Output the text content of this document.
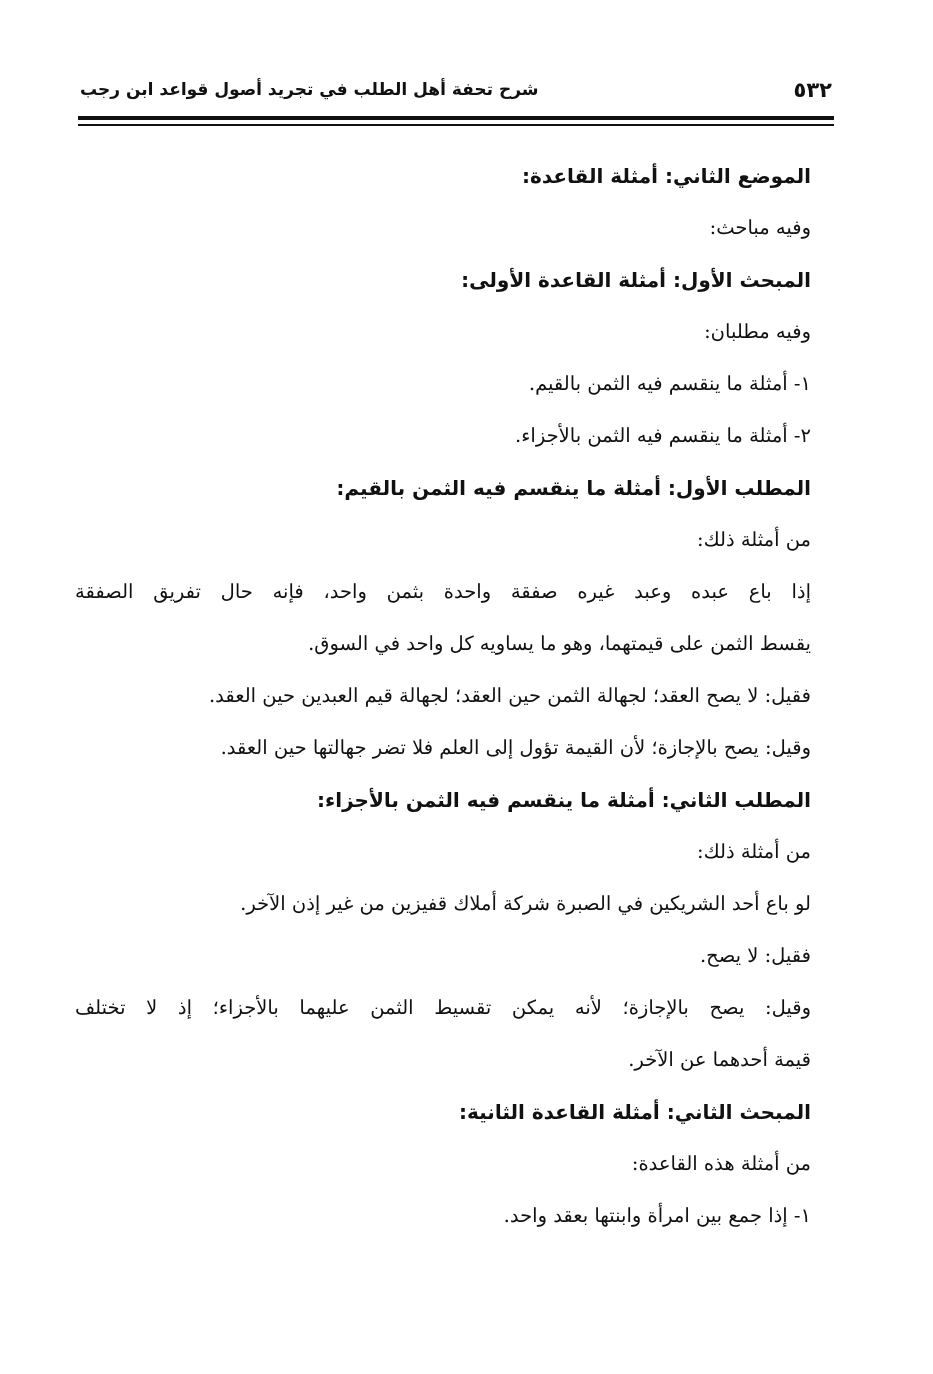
٥٣٢
شرح تحفة أهل الطلب في تجريد أصول قواعد ابن رجب

الموضع الثاني: أمثلة القاعدة:

وفيه مباحث:

المبحث الأول: أمثلة القاعدة الأولى:

وفيه مطلبان:

١- أمثلة ما ينقسم فيه الثمن بالقيم.

٢- أمثلة ما ينقسم فيه الثمن بالأجزاء.

المطلب الأول: أمثلة ما ينقسم فيه الثمن بالقيم:

من أمثلة ذلك:

إذا باع عبده وعبد غيره صفقة واحدة بثمن واحد، فإنه حال تفريق الصفقة

يقسط الثمن على قيمتهما، وهو ما يساويه كل واحد في السوق.

فقيل: لا يصح العقد؛ لجهالة الثمن حين العقد؛ لجهالة قيم العبدين حين العقد.

وقيل: يصح بالإجازة؛ لأن القيمة تؤول إلى العلم فلا تضر جهالتها حين العقد.

المطلب الثاني: أمثلة ما ينقسم فيه الثمن بالأجزاء:

من أمثلة ذلك:

لو باع أحد الشريكين في الصبرة شركة أملاك قفيزين من غير إذن الآخر.

فقيل: لا يصح.

وقيل: يصح بالإجازة؛ لأنه يمكن تقسيط الثمن عليهما بالأجزاء؛ إذ لا تختلف

قيمة أحدهما عن الآخر.

المبحث الثاني: أمثلة القاعدة الثانية:

من أمثلة هذه القاعدة:

١- إذا جمع بين امرأة وابنتها بعقد واحد.
